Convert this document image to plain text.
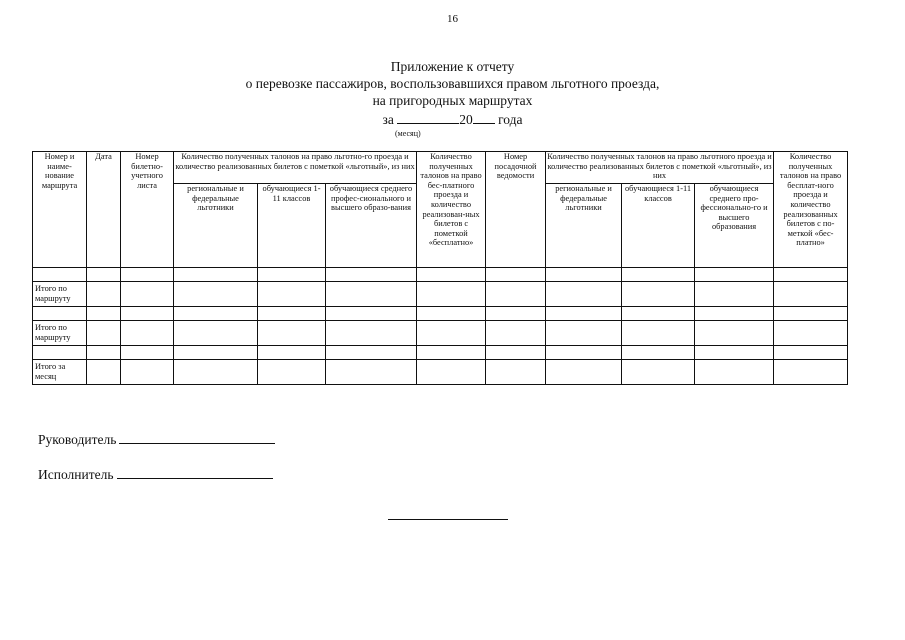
16
Приложение к отчету
о перевозке пассажиров, воспользовавшихся правом льготного проезда,
на пригородных маршрутах
за	20 года
(месяц)
Номер и наиме-нование маршрута	Дата	Номер билетно-учетного листа	Количество полученных талонов на право льготно-го проезда и количество реализованных билетов с пометкой «льготный», из них			Количество полученных талонов на право бес-платного проезда и количество реализован-ных билетов с пометкой «бесплатно»	Номер посадочной ведомости	Количество полученных талонов на право льготного проезда и количество реализованных билетов с пометкой «льготный», из них			Количество полученных талонов на право бесплат-ного проезда и количество реализованных билетов с по-меткой «бес-платно»
			региональные и федеральные льготники	обучающиеся 1-11 классов	обучающиеся среднего профес-сионального и высшего образо-вания			региональные и федеральные льготники	обучающиеся 1-11 классов	обучающиеся среднего про-фессионально-го и высшего образования	

Итого по маршруту											

Итого по маршруту											

Итого за месяц											
Руководитель
Исполнитель
